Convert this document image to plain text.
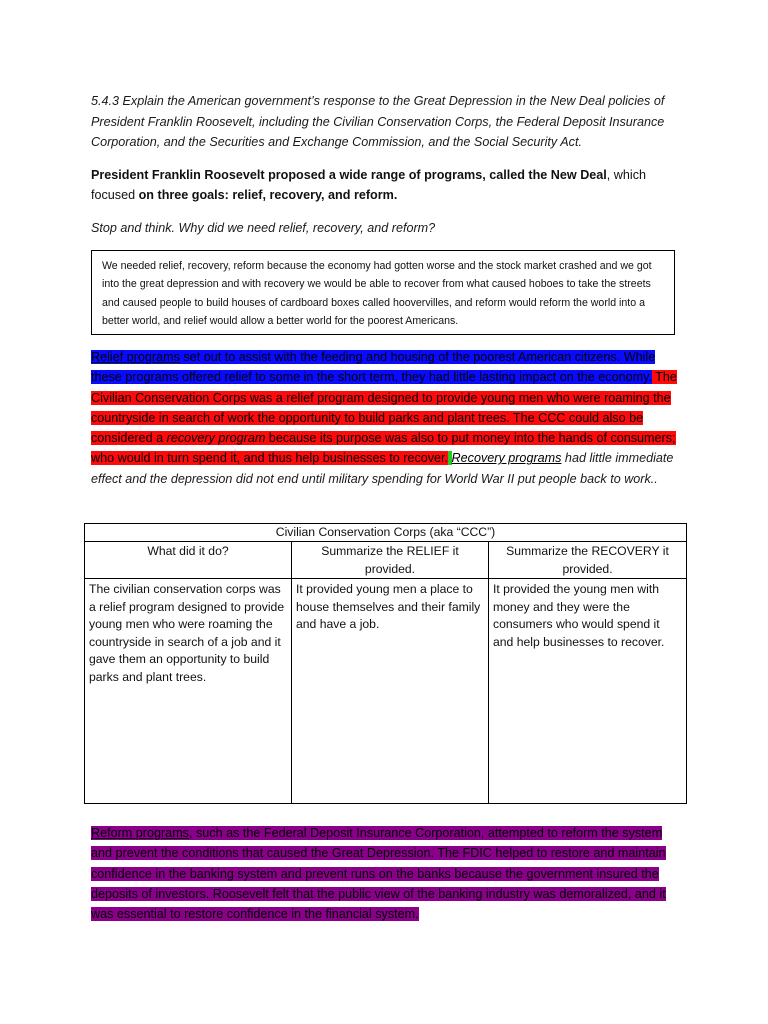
5.4.3 Explain the American government’s response to the Great Depression in the New Deal policies of President Franklin Roosevelt, including the Civilian Conservation Corps, the Federal Deposit Insurance Corporation, and the Securities and Exchange Commission, and the Social Security Act.
President Franklin Roosevelt proposed a wide range of programs, called the New Deal, which focused on three goals: relief, recovery, and reform.
Stop and think. Why did we need relief, recovery, and reform?
We needed relief, recovery, reform because the economy had gotten worse and the stock market crashed and we got into the great depression and with recovery we would be able to recover from what caused hoboes to take the streets and caused people to build houses of cardboard boxes called hoovervilles, and reform would reform the world into a better world, and relief would allow a better world for the poorest Americans.
Relief programs set out to assist with the feeding and housing of the poorest American citizens. While these programs offered relief to some in the short term, they had little lasting impact on the economy. The Civilian Conservation Corps was a relief program designed to provide young men who were roaming the countryside in search of work the opportunity to build parks and plant trees. The CCC could also be considered a recovery program because its purpose was also to put money into the hands of consumers; who would in turn spend it, and thus help businesses to recover. Recovery programs had little immediate effect and the depression did not end until military spending for World War II put people back to work..
Civilian Conservation Corps (aka “CCC”)		
What did it do?	Summarize the RELIEF it provided.	Summarize the RECOVERY it provided.
The civilian conservation corps was a relief program designed to provide young men who were roaming the countryside in search of a job and it gave them an opportunity to build parks and plant trees.	It provided young men a place to house themselves and their family and have a job.	It provided the young men with money and they were the consumers who would spend it and help businesses to recover.
Reform programs, such as the Federal Deposit Insurance Corporation, attempted to reform the system and prevent the conditions that caused the Great Depression. The FDIC helped to restore and maintain confidence in the banking system and prevent runs on the banks because the government insured the deposits of investors. Roosevelt felt that the public view of the banking industry was demoralized, and it was essential to restore confidence in the financial system.
